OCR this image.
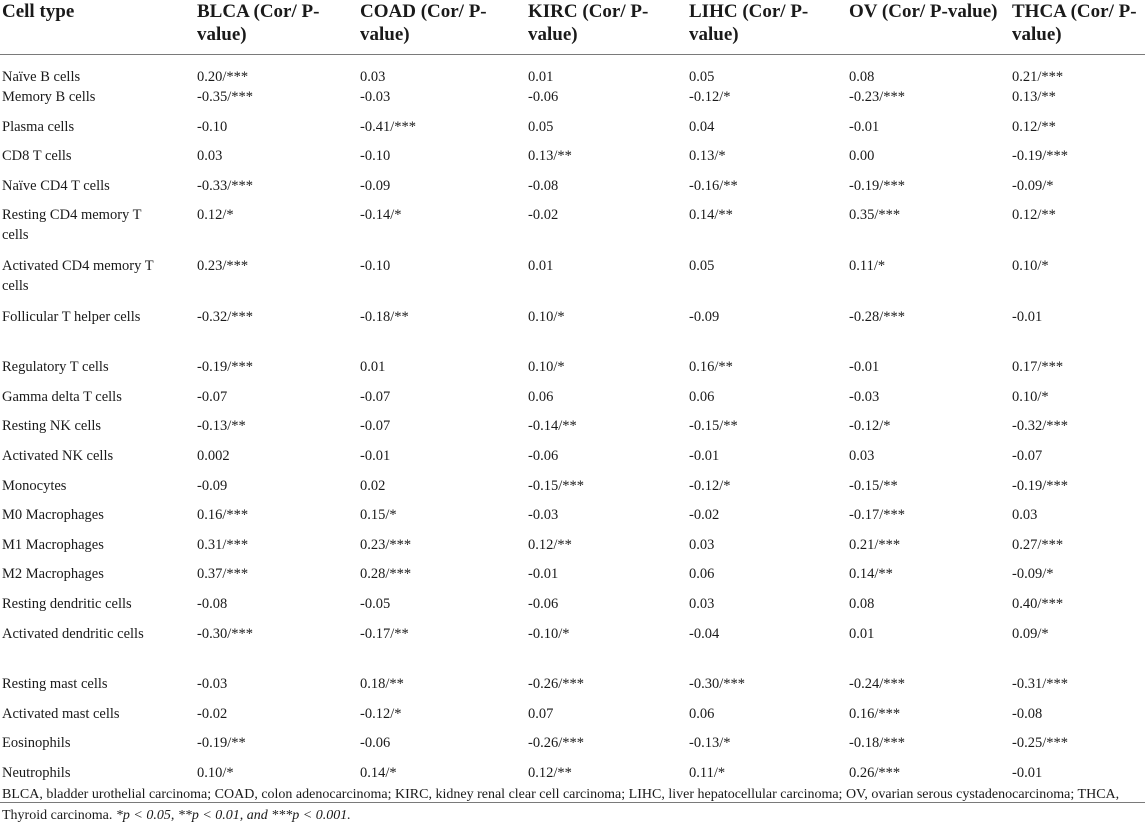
Cell type	BLCA (Cor/ P-value)	COAD (Cor/ P-value)	KIRC (Cor/ P-value)	LIHC (Cor/ P-value)	OV (Cor/ P-value)	THCA (Cor/ P-value)
Naïve B cells	0.20/***	0.03	0.01	0.05	0.08	0.21/***
Memory B cells	-0.35/***	-0.03	-0.06	-0.12/*	-0.23/***	0.13/**
Plasma cells	-0.10	-0.41/***	0.05	0.04	-0.01	0.12/**
CD8 T cells	0.03	-0.10	0.13/**	0.13/*	0.00	-0.19/***
Naïve CD4 T cells	-0.33/***	-0.09	-0.08	-0.16/**	-0.19/***	-0.09/*
Resting CD4 memory T cells	0.12/*	-0.14/*	-0.02	0.14/**	0.35/***	0.12/**
Activated CD4 memory T cells	0.23/***	-0.10	0.01	0.05	0.11/*	0.10/*
Follicular T helper cells	-0.32/***	-0.18/**	0.10/*	-0.09	-0.28/***	-0.01
Regulatory T cells	-0.19/***	0.01	0.10/*	0.16/**	-0.01	0.17/***
Gamma delta T cells	-0.07	-0.07	0.06	0.06	-0.03	0.10/*
Resting NK cells	-0.13/**	-0.07	-0.14/**	-0.15/**	-0.12/*	-0.32/***
Activated NK cells	0.002	-0.01	-0.06	-0.01	0.03	-0.07
Monocytes	-0.09	0.02	-0.15/***	-0.12/*	-0.15/**	-0.19/***
M0 Macrophages	0.16/***	0.15/*	-0.03	-0.02	-0.17/***	0.03
M1 Macrophages	0.31/***	0.23/***	0.12/**	0.03	0.21/***	0.27/***
M2 Macrophages	0.37/***	0.28/***	-0.01	0.06	0.14/**	-0.09/*
Resting dendritic cells	-0.08	-0.05	-0.06	0.03	0.08	0.40/***
Activated dendritic cells	-0.30/***	-0.17/**	-0.10/*	-0.04	0.01	0.09/*
Resting mast cells	-0.03	0.18/**	-0.26/***	-0.30/***	-0.24/***	-0.31/***
Activated mast cells	-0.02	-0.12/*	0.07	0.06	0.16/***	-0.08
Eosinophils	-0.19/**	-0.06	-0.26/***	-0.13/*	-0.18/***	-0.25/***
Neutrophils	0.10/*	0.14/*	0.12/**	0.11/*	0.26/***	-0.01
BLCA, bladder urothelial carcinoma; COAD, colon adenocarcinoma; KIRC, kidney renal clear cell carcinoma; LIHC, liver hepatocellular carcinoma; OV, ovarian serous cystadenocarcinoma; THCA, Thyroid carcinoma. *p < 0.05, **p < 0.01, and ***p < 0.001.
